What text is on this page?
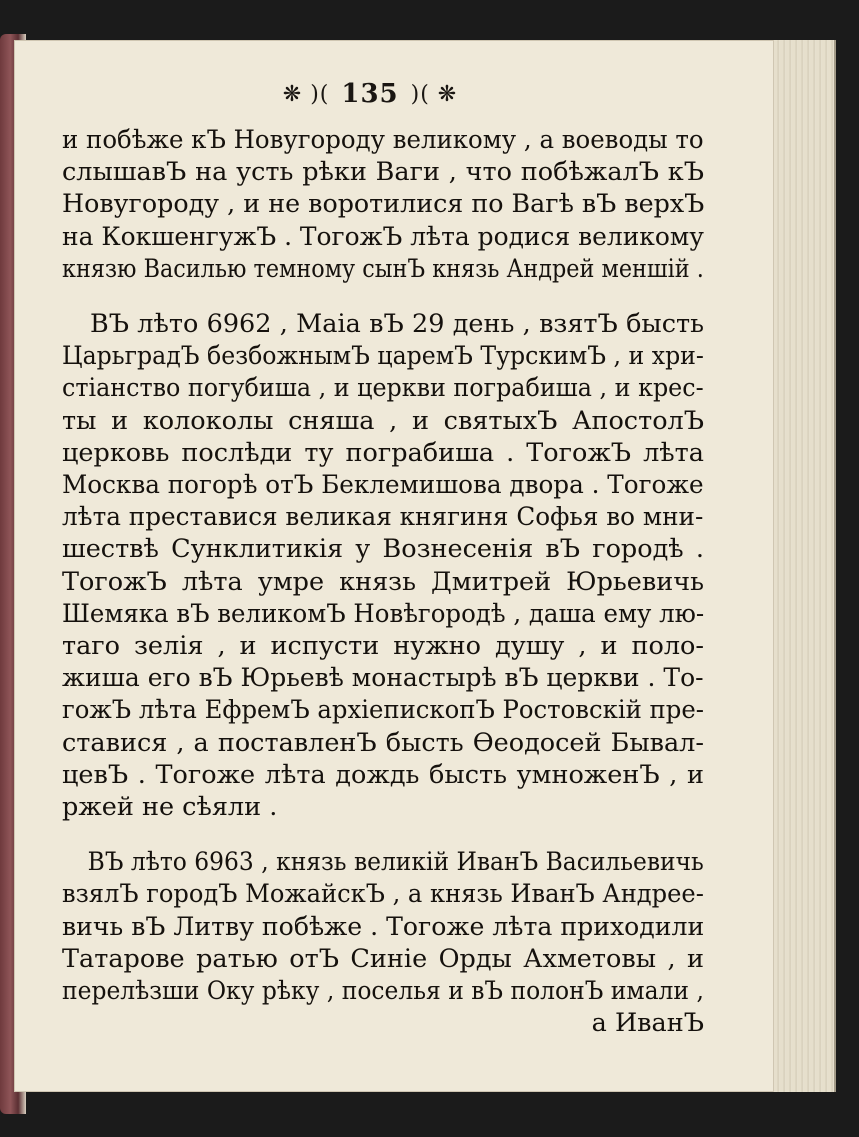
❋ )( 135 )( ❋

и побѣже кЪ Новугороду великому , а воеводы то
слышавЪ на усть рѣки Ваги , что побѣжалЪ кЪ
Новугороду , и не воротилися по Вагѣ вЪ верхЪ
на КокшенгужЪ . ТогожЪ лѣта родися великому
князю Василью темному сынЪ князь Андрей меншій .

ВЪ лѣто 6962 , Маіа вЪ 29 день , взятЪ бысть
ЦарьградЪ безбожнымЪ царемЪ ТурскимЪ , и хри-
стіанство погубиша , и церкви пограбиша , и крес-
ты и колоколы сняша , и святыхЪ АпостолЪ
церковь послѣди ту пограбиша . ТогожЪ лѣта
Москва погорѣ отЪ Беклемишова двора . Тогоже
лѣта преставися великая княгиня Софья во мни-
шествѣ Сунклитикія у Вознесенія вЪ городѣ .
ТогожЪ лѣта умре князь Дмитрей Юрьевичь
Шемяка вЪ великомЪ Новѣгородѣ , даша ему лю-
таго зелія , и испусти нужно душу , и поло-
жиша его вЪ Юрьевѣ монастырѣ вЪ церкви . То-
гожЪ лѣта ЕфремЪ архіепископЪ Ростовскій пре-
ставися , а поставленЪ бысть Ѳеодосей Бывал-
цевЪ . Тогоже лѣта дождь бысть умноженЪ , и
ржей не сѣяли .

ВЪ лѣто 6963 , князь великій ИванЪ Васильевичь
взялЪ городЪ МожайскЪ , а князь ИванЪ Андрее-
вичь вЪ Литву побѣже . Тогоже лѣта приходили
Татарове ратью отЪ Синіе Орды Ахметовы , и
перелѣзши Оку рѣку , поселья и вЪ полонЪ имали ,
а ИванЪ
